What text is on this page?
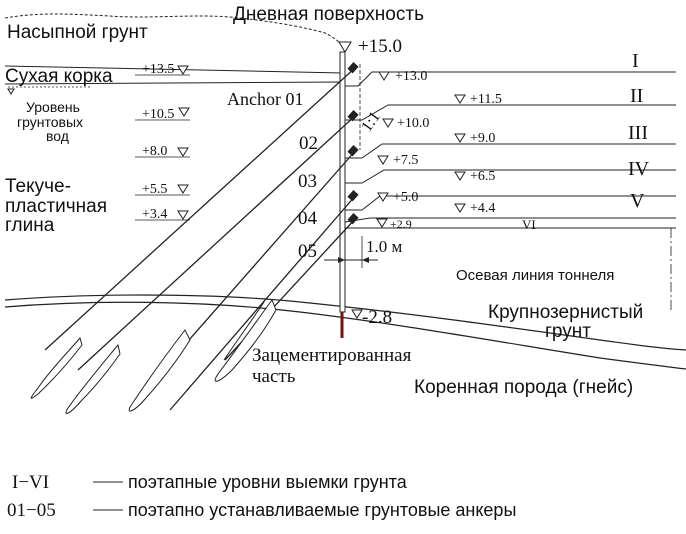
Дневная поверхность
Насыпной грунт
Сухая корка
Уровень
грунтовых
вод
Текуче-
пластичная
глина
Anchor 01
1:1
1.0 м
Осевая линия тоннеля
Крупнозернистый
грунт
Зацементированная
часть
Коренная порода (гнейс)
+15.0
-2.8
+13.5
+10.5
+8.0
+5.5
+3.4
+13.0
+10.0
+7.5
+5.0
+2.9
+11.5
+9.0
+6.5
+4.4
02
03
04
05
I
II
III
IV
V
VI
I−VI	поэтапные уровни выемки грунта
01−05	поэтапно устанавливаемые грунтовые анкеры
